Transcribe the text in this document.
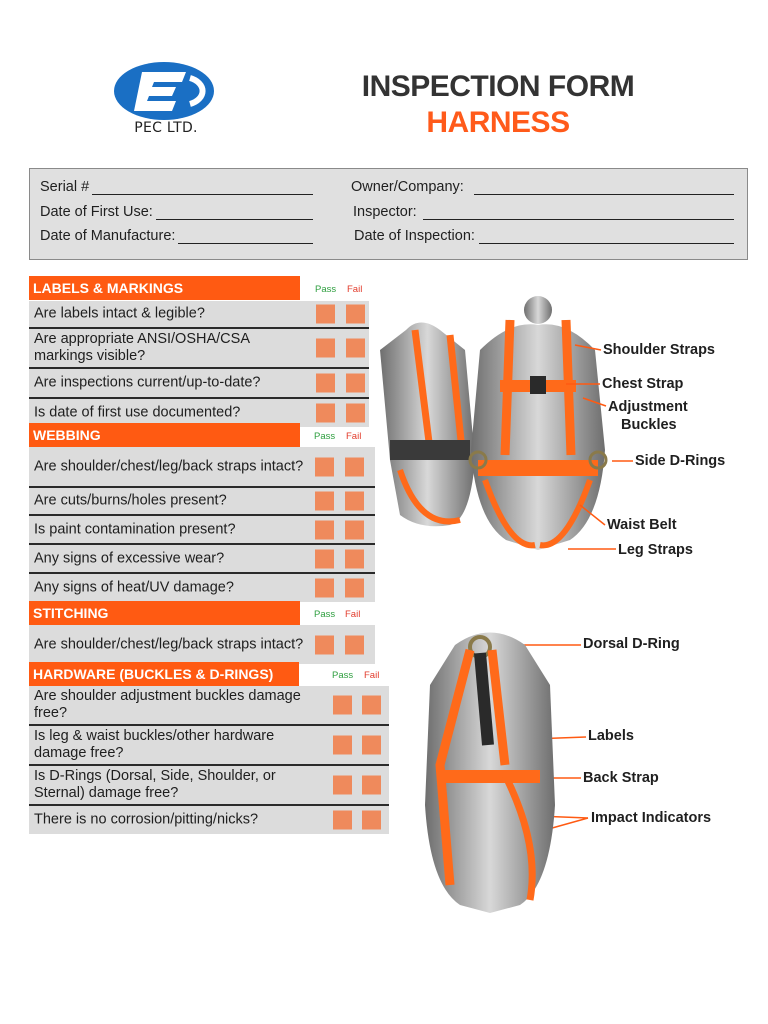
PEC LTD.
INSPECTION FORM
HARNESS
Serial #
Date of First Use:
Date of Manufacture:
Owner/Company:
Inspector:
Date of Inspection:
LABELS & MARKINGS	Pass Fail
Are labels intact & legible?
Are appropriate ANSI/OSHA/CSA markings visible?
Are inspections current/up-to-date?
Is date of first use documented?
WEBBING	Pass Fail
Are shoulder/chest/leg/back straps intact?
Are cuts/burns/holes present?
Is paint contamination present?
Any signs of excessive wear?
Any signs of heat/UV damage?
STITCHING	Pass Fail
Are shoulder/chest/leg/back straps intact?
HARDWARE (BUCKLES & D-RINGS)	Pass Fail
Are shoulder adjustment buckles damage free?
Is leg & waist buckles/other hardware damage free?
Is D-Rings (Dorsal, Side, Shoulder, or Sternal) damage free?
There is no corrosion/pitting/nicks?
Shoulder Straps
Chest Strap
Adjustment
Buckles
Side D-Rings
Waist Belt
Leg Straps
Dorsal D-Ring
Labels
Back Strap
Impact Indicators
